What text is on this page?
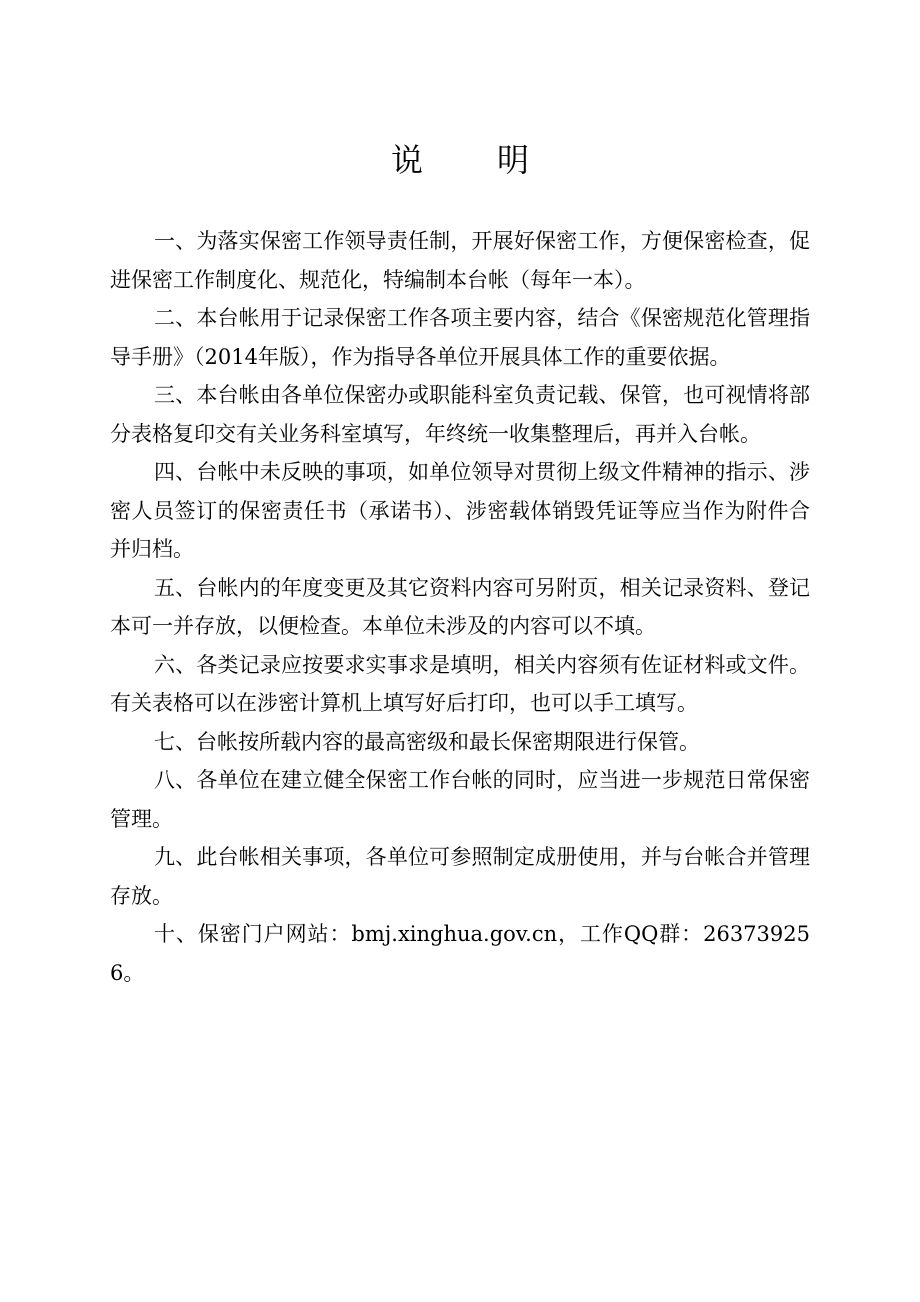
说 明

一、为落实保密工作领导责任制，开展好保密工作，方便保密检查，促进保密工作制度化、规范化，特编制本台帐（每年一本）。

二、本台帐用于记录保密工作各项主要内容，结合《保密规范化管理指导手册》（2014年版），作为指导各单位开展具体工作的重要依据。

三、本台帐由各单位保密办或职能科室负责记载、保管，也可视情将部分表格复印交有关业务科室填写，年终统一收集整理后，再并入台帐。

四、台帐中未反映的事项，如单位领导对贯彻上级文件精神的指示、涉密人员签订的保密责任书（承诺书）、涉密载体销毁凭证等应当作为附件合并归档。

五、台帐内的年度变更及其它资料内容可另附页，相关记录资料、登记本可一并存放，以便检查。本单位未涉及的内容可以不填。

六、各类记录应按要求实事求是填明，相关内容须有佐证材料或文件。有关表格可以在涉密计算机上填写好后打印，也可以手工填写。

七、台帐按所载内容的最高密级和最长保密期限进行保管。

八、各单位在建立健全保密工作台帐的同时，应当进一步规范日常保密管理。

九、此台帐相关事项，各单位可参照制定成册使用，并与台帐合并管理存放。

十、保密门户网站：bmj.xinghua.gov.cn，工作QQ群：263739256。
